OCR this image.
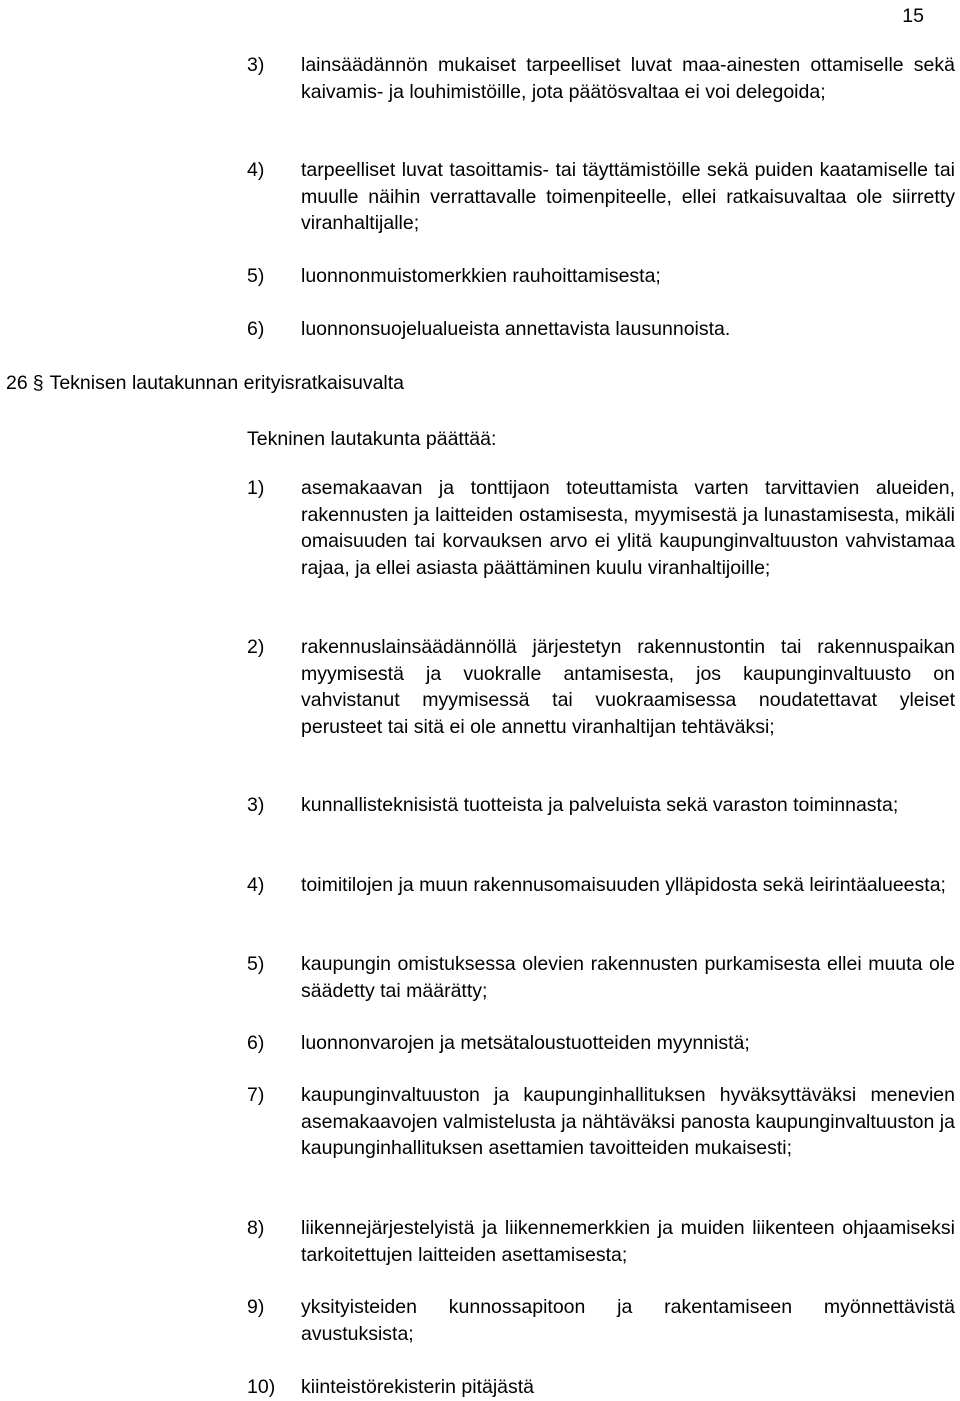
15
3)	lainsäädännön mukaiset tarpeelliset luvat maa-ainesten ottamiselle sekä kaivamis- ja louhimistöille, jota päätösvaltaa ei voi delegoida;
4)	tarpeelliset luvat tasoittamis- tai täyttämistöille sekä puiden kaatamiselle tai muulle näihin verrattavalle toimenpiteelle, ellei ratkaisuvaltaa ole siirretty viranhaltijalle;
5)	luonnonmuistomerkkien rauhoittamisesta;
6)	luonnonsuojelualueista annettavista lausunnoista.
26 § Teknisen lautakunnan erityisratkaisuvalta
Tekninen lautakunta päättää:
1)	asemakaavan ja tonttijaon toteuttamista varten tarvittavien alueiden, rakennusten ja laitteiden ostamisesta, myymisestä ja lunastamisesta, mikäli omaisuuden tai korvauksen arvo ei ylitä kaupunginvaltuuston vahvistamaa rajaa, ja ellei asiasta päättäminen kuulu viranhaltijoille;
2)	rakennuslainsäädännöllä järjestetyn rakennustontin tai rakennuspaikan myymisestä ja vuokralle antamisesta, jos kaupunginvaltuusto on vahvistanut myymisessä tai vuokraamisessa noudatettavat yleiset perusteet tai sitä ei ole annettu viranhaltijan tehtäväksi;
3)	kunnallisteknisistä tuotteista ja palveluista sekä varaston toiminnasta;
4)	toimitilojen ja muun rakennusomaisuuden ylläpidosta sekä leirintäalueesta;
5)	kaupungin omistuksessa olevien rakennusten purkamisesta ellei muuta ole säädetty tai määrätty;
6)	luonnonvarojen ja metsätaloustuotteiden myynnistä;
7)	kaupunginvaltuuston ja kaupunginhallituksen hyväksyttäväksi menevien asemakaavojen valmistelusta ja nähtäväksi panosta kaupunginvaltuuston ja kaupunginhallituksen asettamien tavoitteiden mukaisesti;
8)	liikennejärjestelyistä ja liikennemerkkien ja muiden liikenteen ohjaamiseksi tarkoitettujen laitteiden asettamisesta;
9)	yksityisteiden kunnossapitoon ja rakentamiseen myönnettävistä avustuksista;
10)	kiinteistörekisterin pitäjästä
